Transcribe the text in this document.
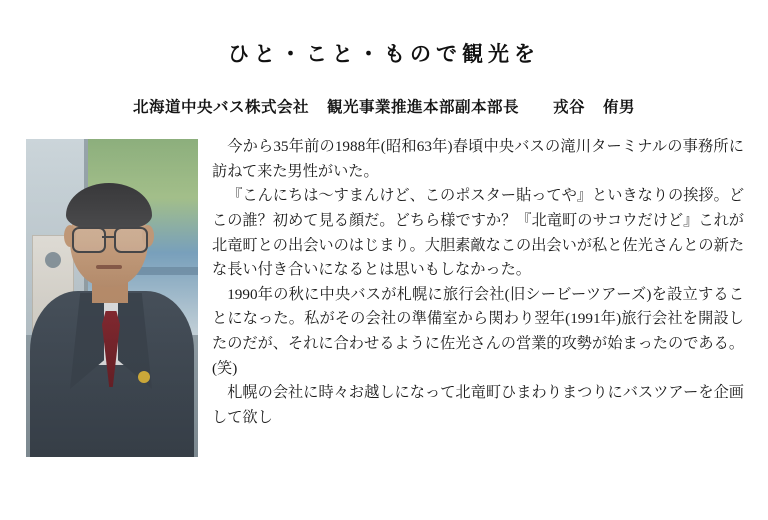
ひと・こと・もので観光を
北海道中央バス株式会社 観光事業推進本部副本部長 戎谷 侑男

今から35年前の1988年(昭和63年)春頃中央バスの滝川ターミナルの事務所に訪ねて来た男性がいた。

『こんにちは〜すまんけど、このポスター貼ってや』といきなりの挨拶。どこの誰？初めて見る顔だ。どちら様ですか？『北竜町のサコウだけど』これが北竜町との出会いのはじまり。大胆素敵なこの出会いが私と佐光さんとの新たな長い付き合いになるとは思いもしなかった。

1990年の秋に中央バスが札幌に旅行会社(旧シービーツアーズ)を設立することになった。私がその会社の準備室から関わり翌年(1991年)旅行会社を開設したのだが、それに合わせるように佐光さんの営業的攻勢が始まったのである。(笑)

札幌の会社に時々お越しになって北竜町ひまわりまつりにバスツアーを企画して欲し
